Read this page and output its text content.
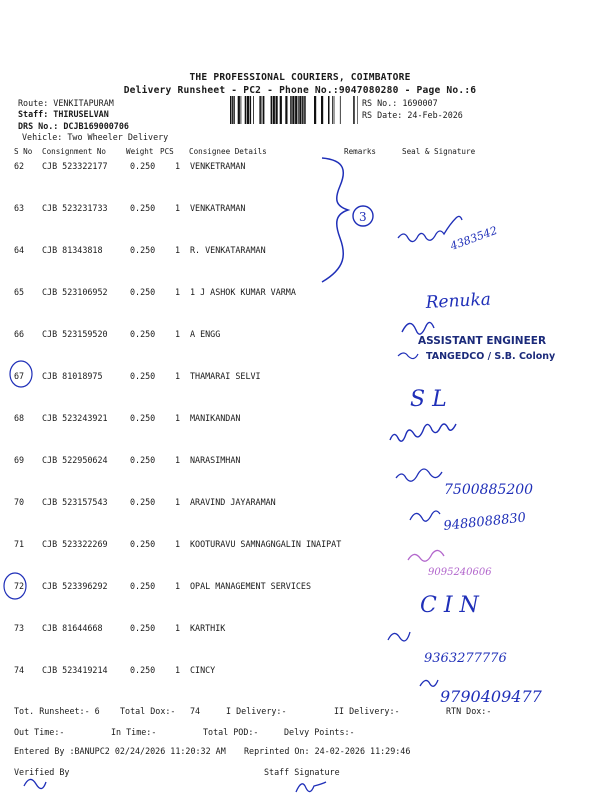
THE PROFESSIONAL COURIERS, COIMBATORE
Delivery Runsheet - PC2 - Phone No.:9047080280 - Page No.:6
Route: VENKITAPURAM
Staff: THIRUSELVAN
DRS No.: DCJB169000706
Vehicle: Two Wheeler Delivery
RS No.: 1690007
RS Date: 24-Feb-2026
S No Consignment No	Weight PCS Consignee Details	Remarks	Seal & Signature
62 CJB 523322177	0.250 1 VENKETRAMAN
63 CJB 523231733	0.250 1 VENKATRAMAN
64 CJB 81343818	0.250 1 R. VENKATARAMAN
65 CJB 523106952	0.250 1 1 J ASHOK KUMAR VARMA
66 CJB 523159520	0.250 1 A ENGG
67 CJB 81018975	0.250 1 THAMARAI SELVI
68 CJB 523243921	0.250 1 MANIKANDAN
69 CJB 522950624	0.250 1 NARASIMHAN
70 CJB 523157543	0.250 1 ARAVIND JAYARAMAN
71 CJB 523322269	0.250 1 KOOTURAVU SAMNAGNGALIN INAIPAT
72 CJB 523396292	0.250 1 OPAL MANAGEMENT SERVICES
73 CJB 81644668	0.250 1 KARTHIK
74 CJB 523419214	0.250 1 CINCY
Tot. Runsheet:- 6 Total Dox:- 74	I Delivery:-	II Delivery:-	RTN Dox:-
Out Time:-	In Time:-	Total POD:-	Delvy Points:-
Entered By :BANUPC2 02/24/2026 11:20:32 AM Reprinted On: 24-02-2026 11:29:46
Verified By	Staff Signature
3
4383542
Renuka
ASSISTANT ENGINEER
TANGEDCO / S.B. Colony
S L
7500885200
9488088830
9095240606
C I N
9363277776
9790409477
